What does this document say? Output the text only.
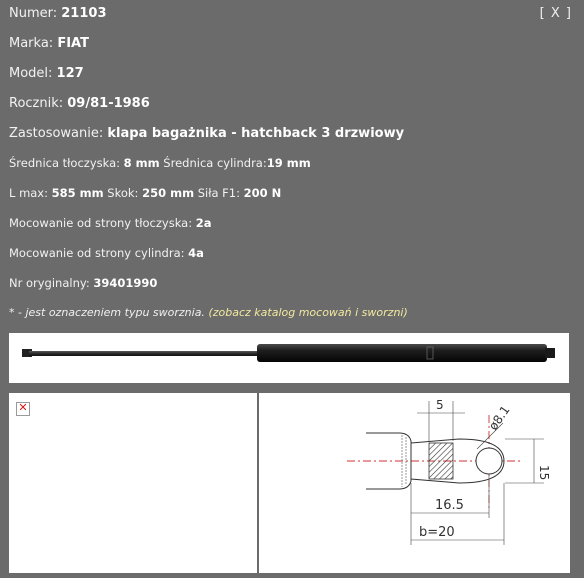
[ X ]
Numer: 21103
Marka: FIAT
Model: 127
Rocznik: 09/81-1986
Zastosowanie: klapa bagażnika - hatchback 3 drzwiowy
Średnica tłoczyska: 8 mm Średnica cylindra:19 mm
L max: 585 mm Skok: 250 mm Siła F1: 200 N
Mocowanie od strony tłoczyska: 2a
Mocowanie od strony cylindra: 4a
Nr oryginalny: 39401990
* - jest oznaczeniem typu sworznia. (zobacz katalog mocowań i sworzni)
✕	5	ø8.1
15
16.5
b=20
